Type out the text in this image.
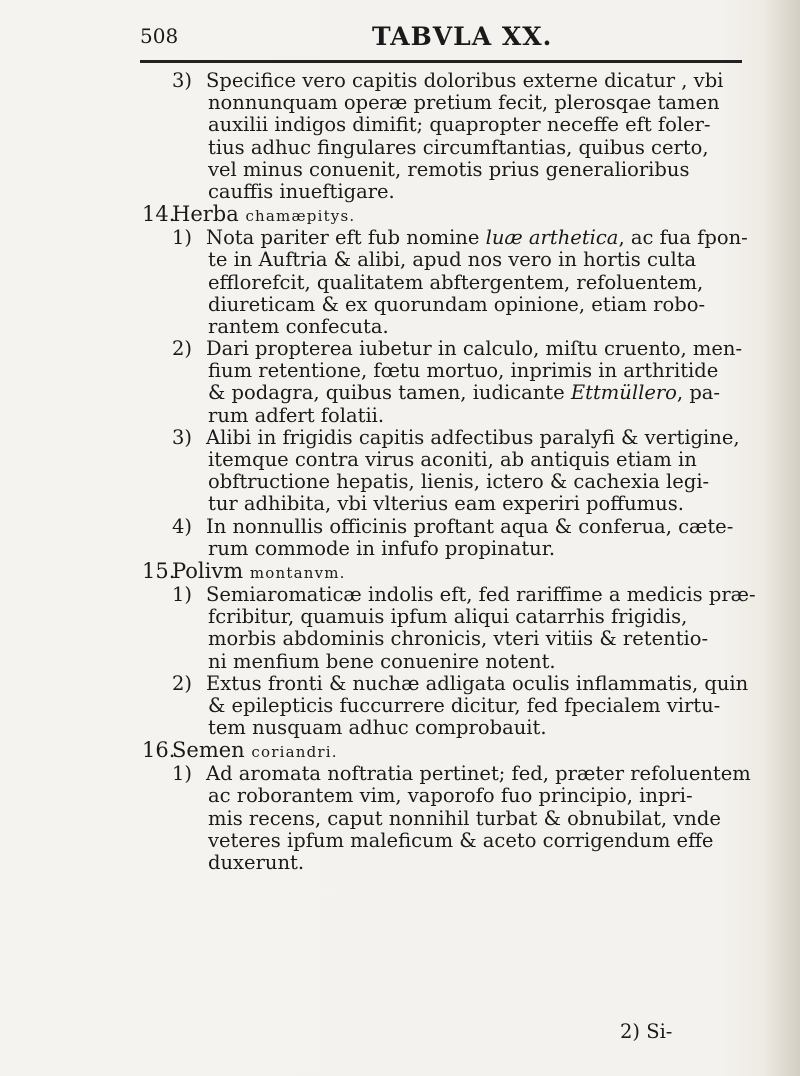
508	TABVLA XX.
3) Specifice vero capitis doloribus externe dicatur , vbi
nonnunquam operæ pretium fecit, plerosqae tamen
auxilii indigos dimifit; quapropter neceffe eft foler-
tius adhuc fingulares circumftantias, quibus certo,
vel minus conuenit, remotis prius generalioribus
cauffis inueftigare.
14.Herba chamæpitys.
1) Nota pariter eft fub nomine luæ arthetica, ac fua fpon-
te in Auftria & alibi, apud nos vero in hortis culta
efflorefcit, qualitatem abftergentem, refoluentem,
diureticam & ex quorundam opinione, etiam robo-
rantem confecuta.
2) Dari propterea iubetur in calculo, miſtu cruento, men-
fium retentione, fœtu mortuo, inprimis in arthritide
& podagra, quibus tamen, iudicante Ettmüllero, pa-
rum adfert folatii.
3) Alibi in frigidis capitis adfectibus paralyfi & vertigine,
itemque contra virus aconiti, ab antiquis etiam in
obftructione hepatis, lienis, ictero & cachexia legi-
tur adhibita, vbi vlterius eam experiri poffumus.
4) In nonnullis officinis proftant aqua & conferua, cæte-
rum commode in infufo propinatur.
15.Polivm montanvm.
1) Semiaromaticæ indolis eft, fed rariffime a medicis præ-
fcribitur, quamuis ipfum aliqui catarrhis frigidis,
morbis abdominis chronicis, vteri vitiis & retentio-
ni menfium bene conuenire notent.
2) Extus fronti & nuchæ adligata oculis inflammatis, quin
& epilepticis fuccurrere dicitur, fed fpecialem virtu-
tem nusquam adhuc comprobauit.
16.Semen coriandri.
1) Ad aromata noftratia pertinet; fed, præter refoluentem
ac roborantem vim, vaporofo fuo principio, inpri-
mis recens, caput nonnihil turbat & obnubilat, vnde
veteres ipfum maleficum & aceto corrigendum effe
duxerunt.
2) Si-
